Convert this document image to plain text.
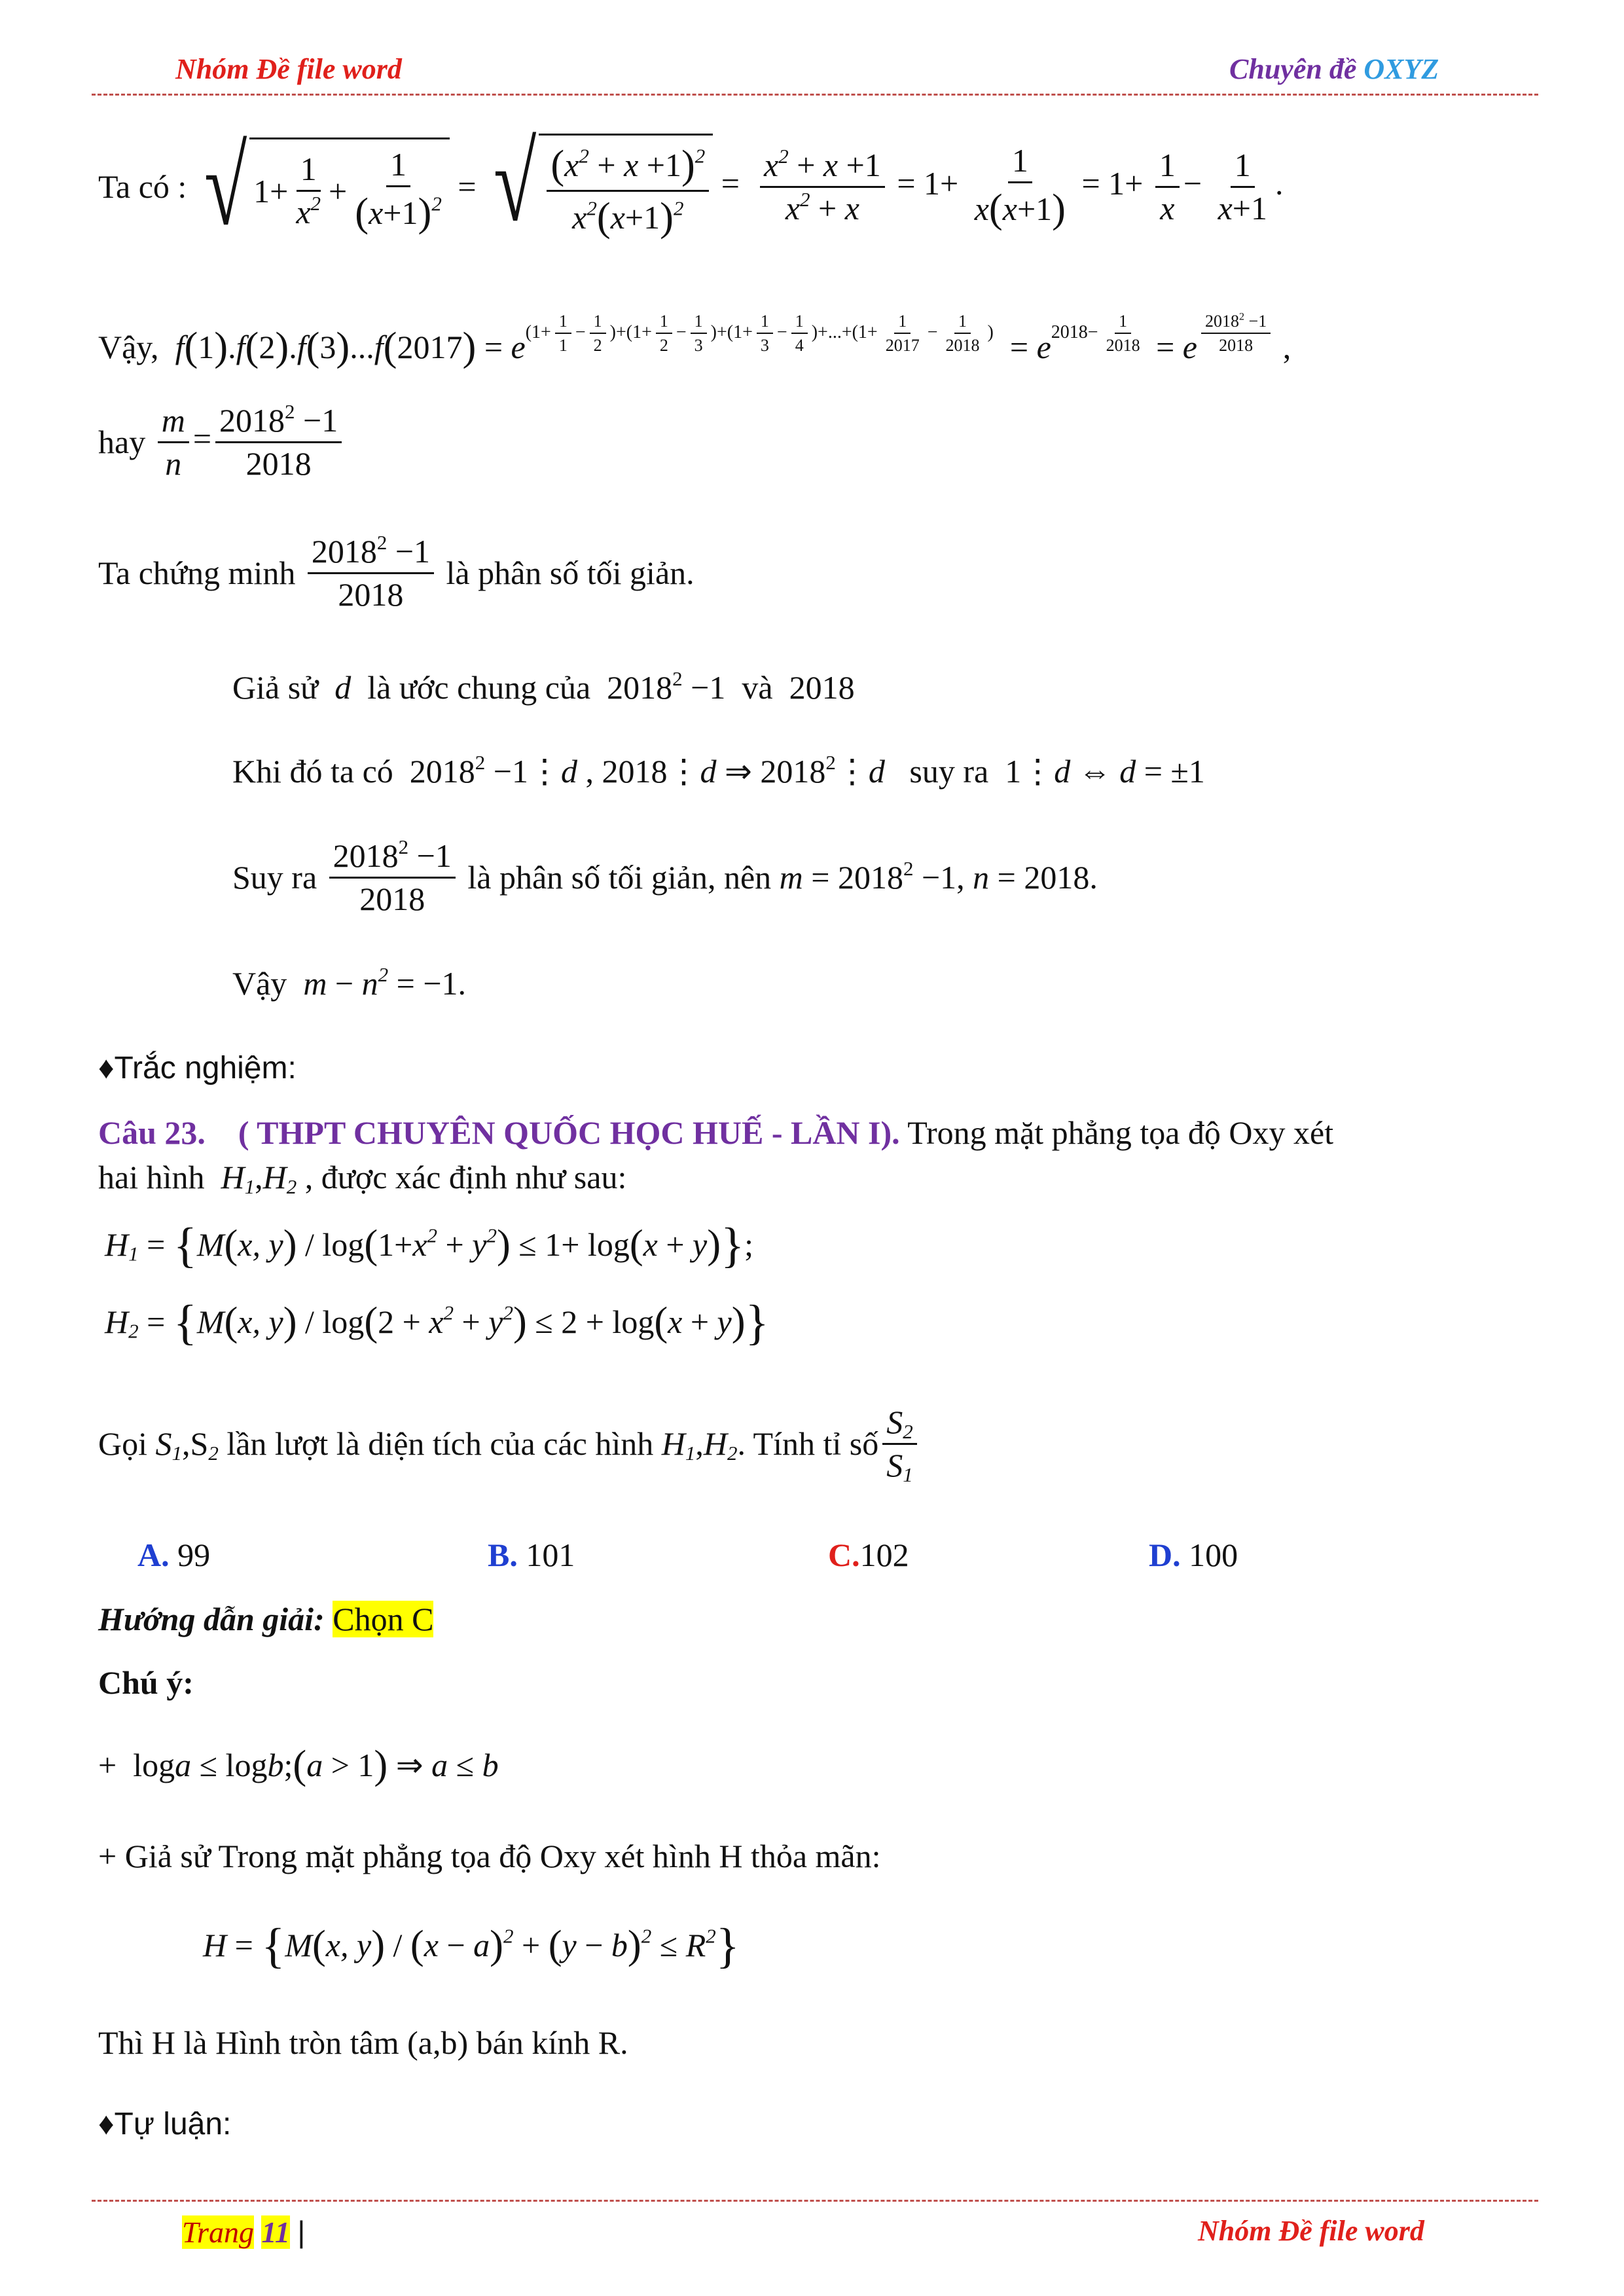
Nhóm Đề file word	Chuyên đề OXYZ
Ta có :
√ $1+ \frac{1}{x^2} + \frac{1}{(x+1)^2}$ = √ $\frac{(x^2 + x +1)^2}{x^2(x+1)^2} = \frac{x^2 + x +1}{x^2 + x} = 1+ \frac{1}{x(x+1)} = 1+ \frac{1}{x} - \frac{1}{x+1}$ .
Vậy,
$f(1).f(2).f(3)...f(2017) = e^{(1+ \frac{1}{1} - \frac{1}{2} )+(1+ \frac{1}{2} - \frac{1}{3} )+(1+ \frac{1}{3} - \frac{1}{4} )+...+(1+ \frac{1}{2017} - \frac{1}{2018} )} = e^{2018- \frac{1}{2018}} = e$ $^{\frac{2018^2 -1}{2018}}$ ,
hay
$\frac{m}{n} = \frac{2018^2 -1}{2018}$
Ta chứng minh
$\frac{2018^2 -1}{2018}$
là phân số tối giản.
Giả sử  d  là ước chung của  $2018^2 -1$  và  2018
Khi đó ta có $2018^2$ −1⋮d , 2018⋮d ⇒ 2018$^2$⋮d   suy ra 1⋮d ⇔ d = ±1
Suy ra
$\frac{2018^2 -1}{2018}$
là phân số tối giản, nên $m = 2018^2 -1$, n = 2018.
Vậy  $m - n^2 = -1$.
♦Trắc nghiệm:
Câu 23. ( THPT CHUYÊN QUỐC HỌC HUẾ - LẦN I). Trong mặt phẳng tọa độ Oxy xét
hai hình  $H_1,H_2$ , được xác định như sau:
$H_1 = \{M(x$, $y) / \log(1+x^2 + y^2) \le 1+ \log(x + y)$};
$H_2 = \{M(x$, $y) / \log(2 + x^2 + y^2) \le 2 + \log(x + y)$}
Gọi $S_1,S_2$ lần lượt là diện tích của các hình $H_1,H_2$ . Tính tỉ số $\frac{S_2}{S_1}$
A. 99	B. 101	C.102	D. 100
Hướng dẫn giải: Chọn C
Chú ý:
+ loga ≤ logb;(a > 1) ⇒ a ≤ b
+ Giả sử Trong mặt phẳng tọa độ Oxy xét hình H thỏa mãn:
H = {M(x, $y) / (x - a)^2 + (y - b)^2 \le R^2$}
Thì H là Hình tròn tâm (a,b) bán kính R.
♦Tự luận:
Trang 11 |	Nhóm Đề file word
